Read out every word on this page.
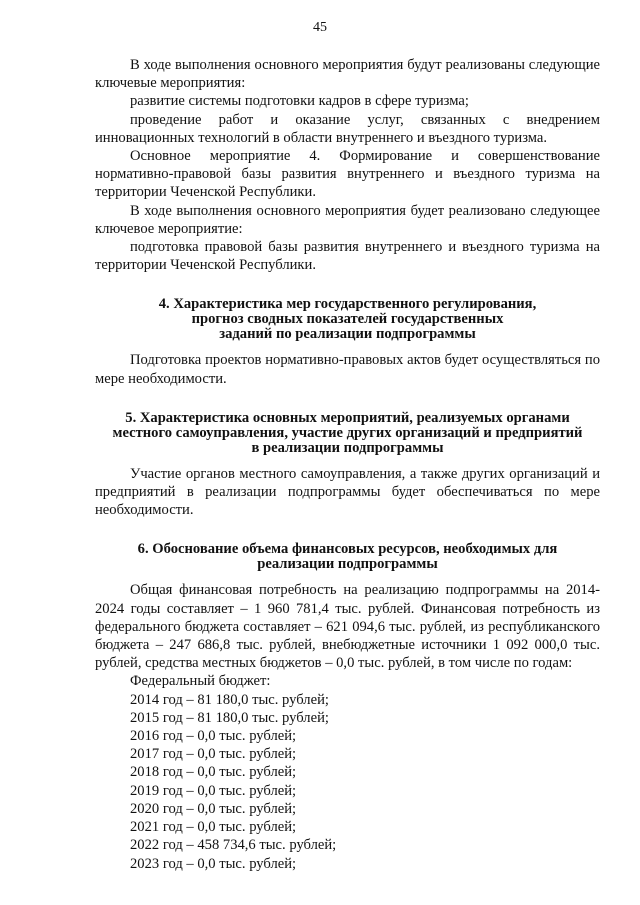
45

В ходе выполнения основного мероприятия будут реализованы следующие ключевые мероприятия:

развитие системы подготовки кадров в сфере туризма;

проведение работ и оказание услуг, связанных с внедрением инновационных технологий в области внутреннего и въездного туризма.

Основное мероприятие 4. Формирование и совершенствование нормативно-правовой базы развития внутреннего и въездного туризма на территории Чеченской Республики.

В ходе выполнения основного мероприятия будет реализовано следующее ключевое мероприятие:

подготовка правовой базы развития внутреннего и въездного туризма на территории Чеченской Республики.

4. Характеристика мер государственного регулирования,

прогноз сводных показателей государственных

заданий по реализации подпрограммы

Подготовка проектов нормативно-правовых актов будет осуществляться по мере необходимости.

5. Характеристика основных мероприятий, реализуемых органами

местного самоуправления, участие других организаций и предприятий

в реализации подпрограммы

Участие органов местного самоуправления, а также других организаций и предприятий в реализации подпрограммы будет обеспечиваться по мере необходимости.

6. Обоснование объема финансовых ресурсов, необходимых для

реализации подпрограммы

Общая финансовая потребность на реализацию подпрограммы на 2014-2024 годы составляет – 1 960 781,4 тыс. рублей. Финансовая потребность из федерального бюджета составляет – 621 094,6 тыс. рублей, из республиканского бюджета – 247 686,8 тыс. рублей, внебюджетные источники 1 092 000,0 тыс. рублей, средства местных бюджетов – 0,0 тыс. рублей, в том числе по годам:

Федеральный бюджет:

2014 год – 81 180,0 тыс. рублей;

2015 год – 81 180,0 тыс. рублей;

2016 год – 0,0 тыс. рублей;

2017 год – 0,0 тыс. рублей;

2018 год – 0,0 тыс. рублей;

2019 год – 0,0 тыс. рублей;

2020 год – 0,0 тыс. рублей;

2021 год – 0,0 тыс. рублей;

2022 год – 458 734,6 тыс. рублей;

2023 год – 0,0 тыс. рублей;
